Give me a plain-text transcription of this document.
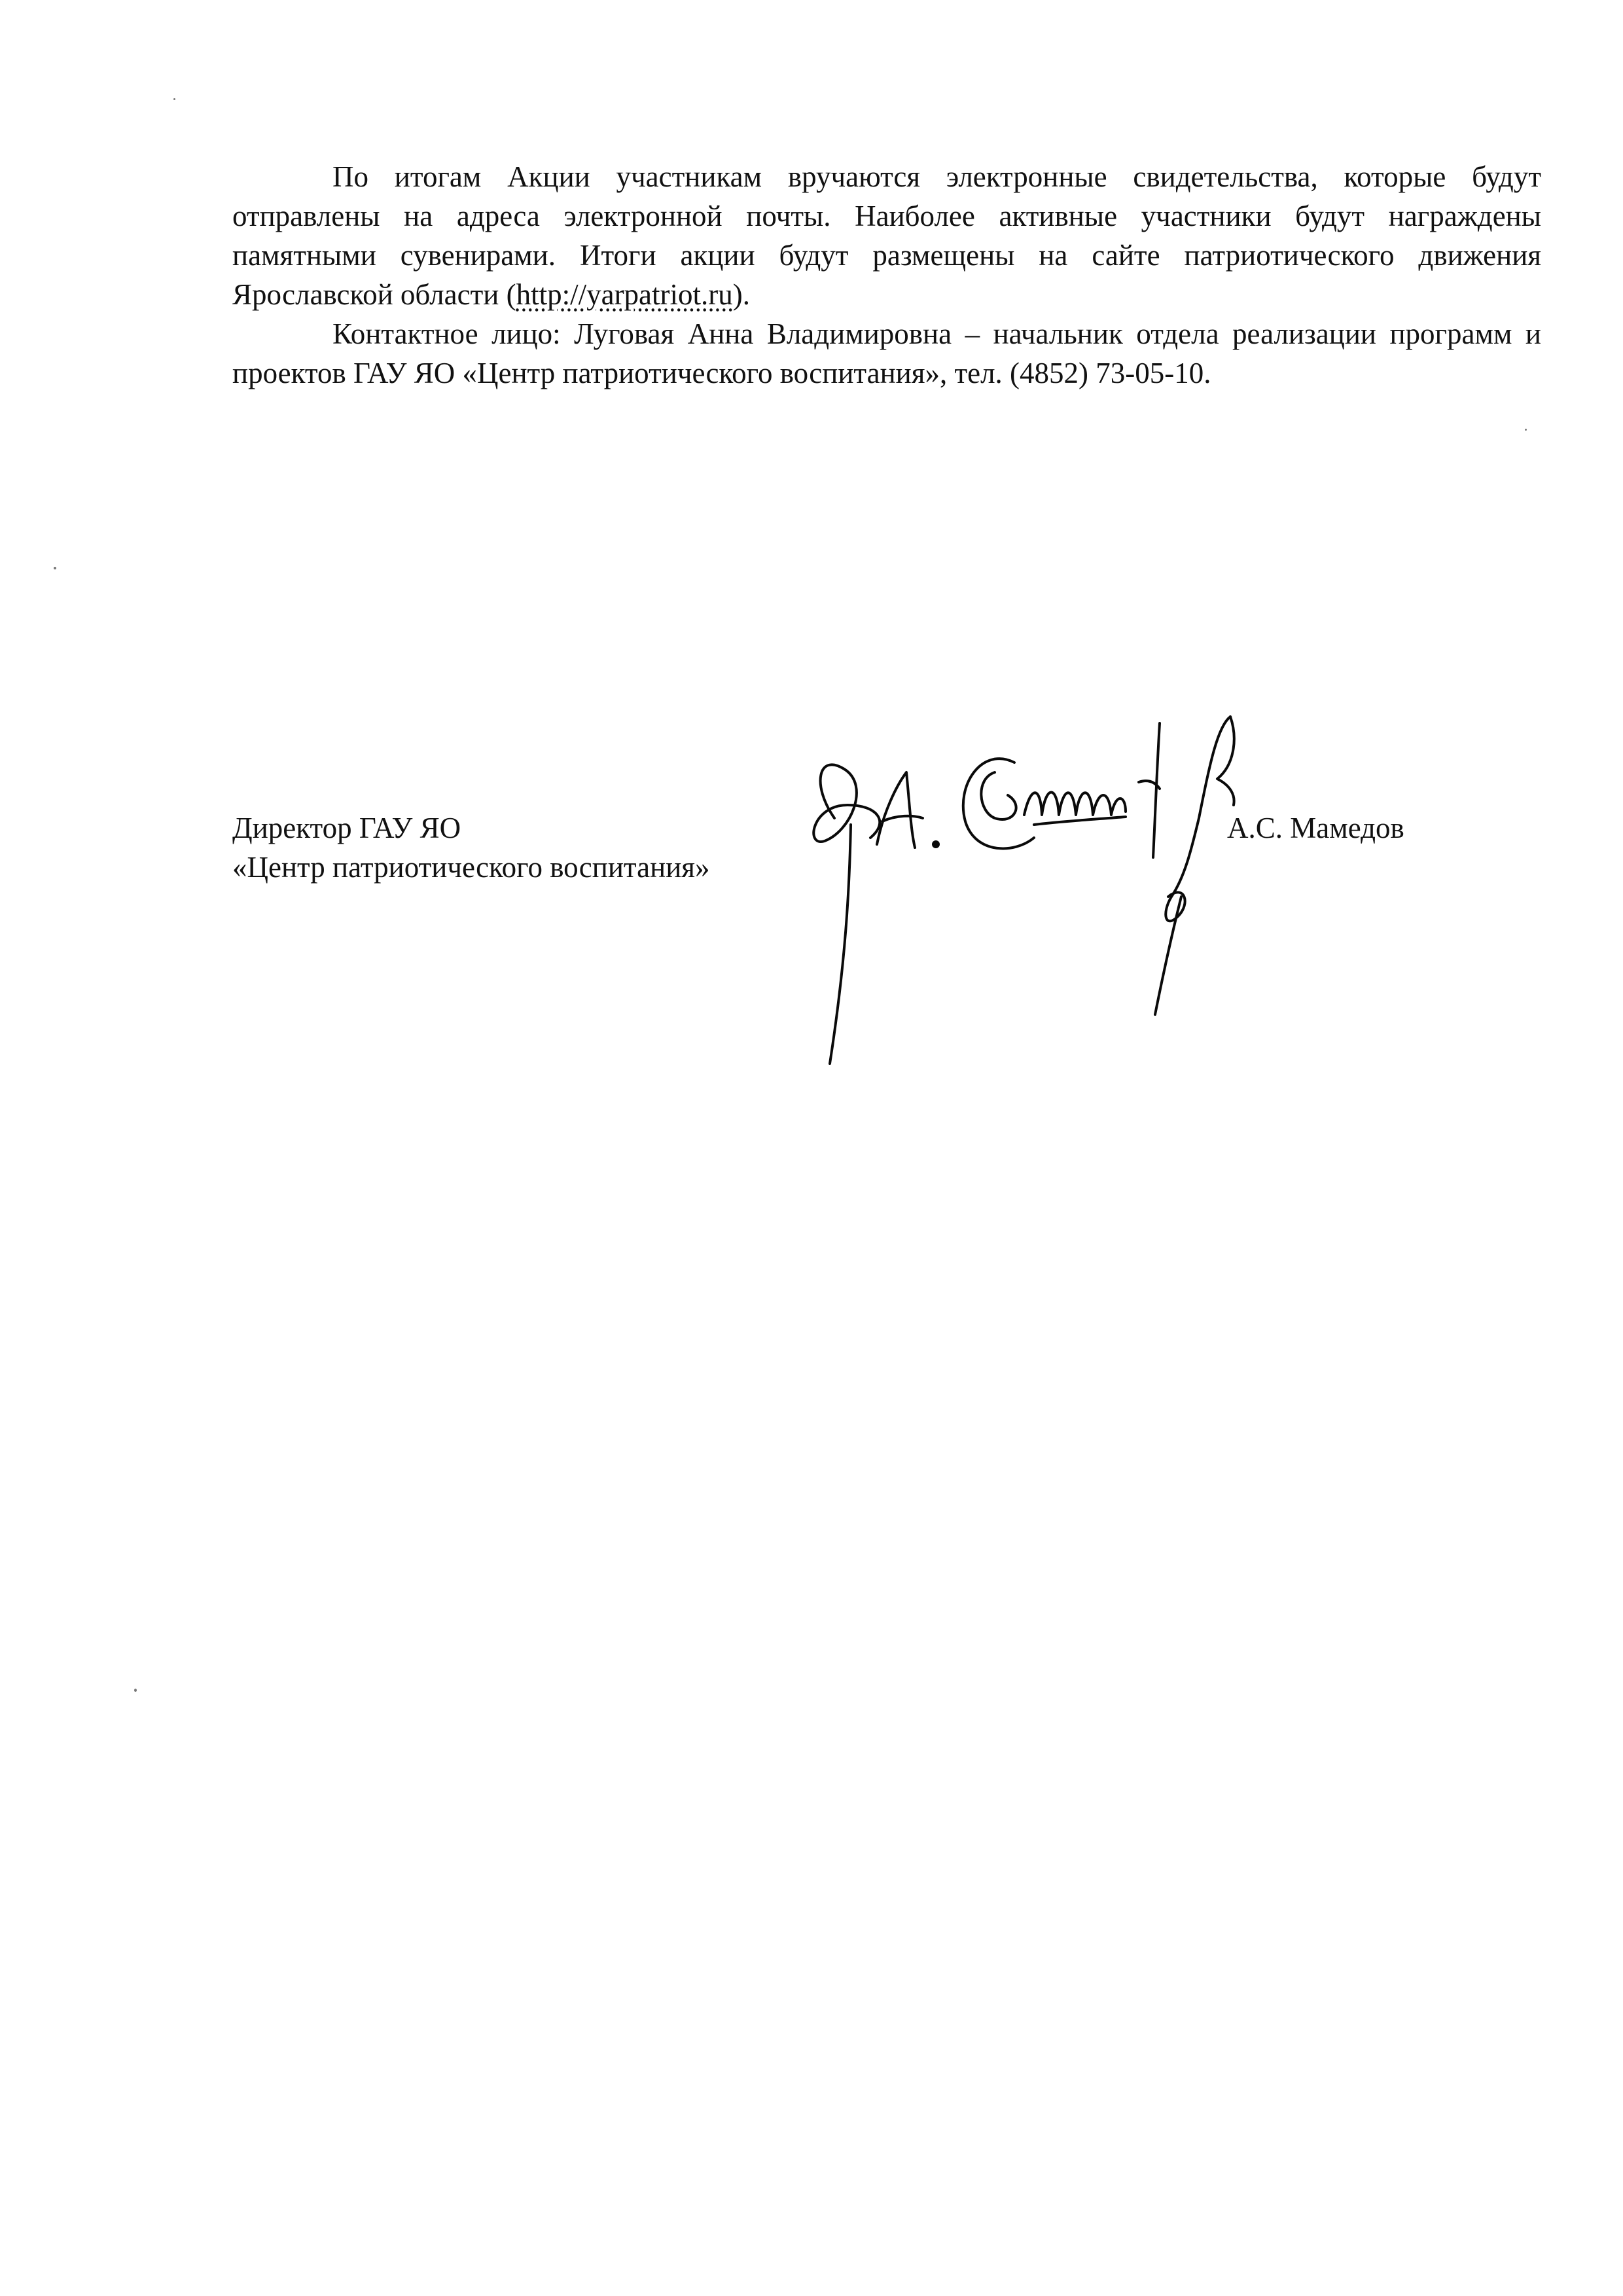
По итогам Акции участникам вручаются электронные свидетельства, которые будут отправлены на адреса электронной почты. Наиболее активные участники будут награждены памятными сувенирами. Итоги акции будут размещены на сайте патриотического движения Ярославской области (http://yarpatriot.ru).

Контактное лицо: Луговая Анна Владимировна – начальник отдела реализации программ и проектов ГАУ ЯО «Центр патриотического воспитания», тел. (4852) 73-05-10.

Директор ГАУ ЯО
«Центр патриотического воспитания»
А.С. Мамедов
